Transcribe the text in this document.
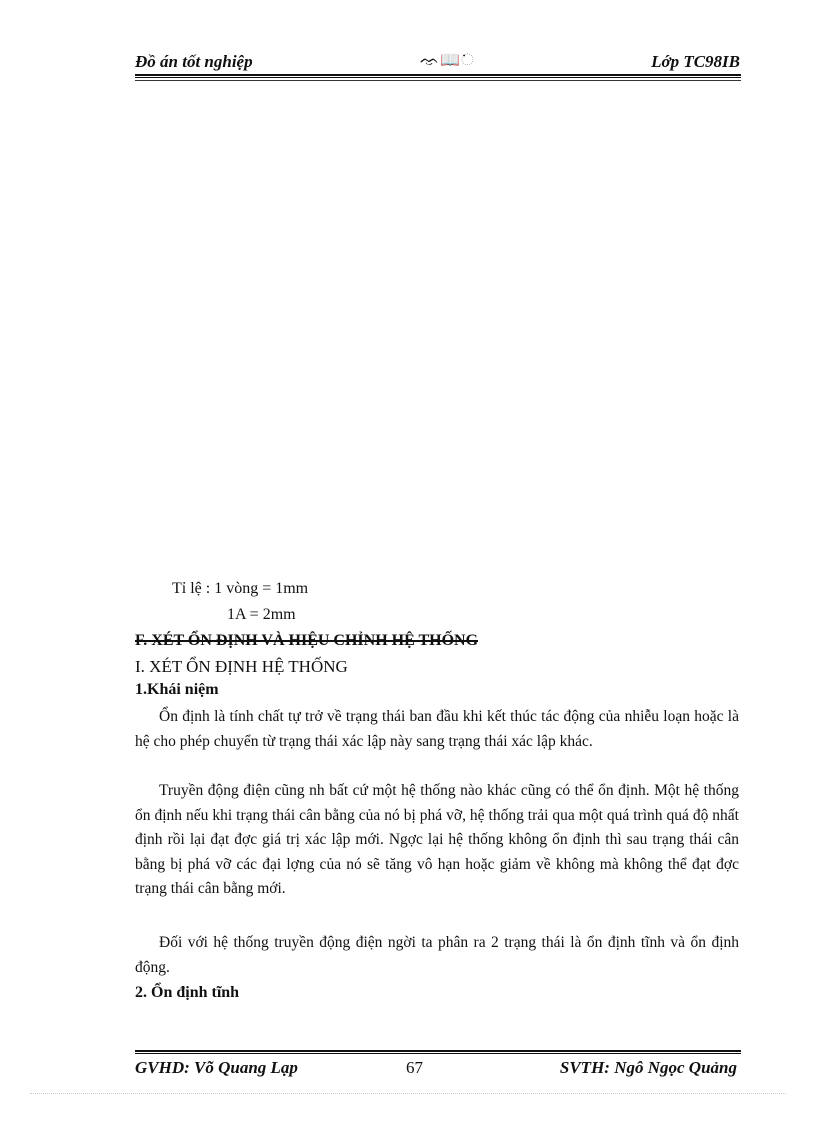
Đồ án tốt nghiệp	ᨎ📖ᨗ	Lớp TC98IB
Tỉ lệ : 1 vòng = 1mm
1A = 2mm
F. XÉT ỔN ĐỊNH VÀ HIỆU CHỈNH HỆ THỐNG
I. XÉT ỔN ĐỊNH HỆ THỐNG
1.Khái niệm
Ổn định là tính chất tự trở về trạng thái ban đầu khi kết thúc tác động của nhiễu loạn hoặc là hệ cho phép chuyển từ trạng thái xác lập này sang trạng thái xác lập khác.
Truyền động điện cũng nh bất cứ một hệ thống nào khác cũng có thể ổn định. Một hệ thống ổn định nếu khi trạng thái cân bằng của nó bị phá vỡ, hệ thống trải qua một quá trình quá độ nhất định rồi lại đạt đợc giá trị xác lập mới. Ngợc lại hệ thống không ổn định thì sau trạng thái cân bằng bị phá vỡ các đại lợng của nó sẽ tăng vô hạn hoặc giảm về không mà không thể đạt đợc trạng thái cân bằng mới.
Đối với hệ thống truyền động điện ngời ta phân ra 2 trạng thái là ổn định tĩnh và ổn định động.
2. Ổn định tĩnh
GVHD: Võ Quang Lạp	67	SVTH: Ngô Ngọc Quảng
